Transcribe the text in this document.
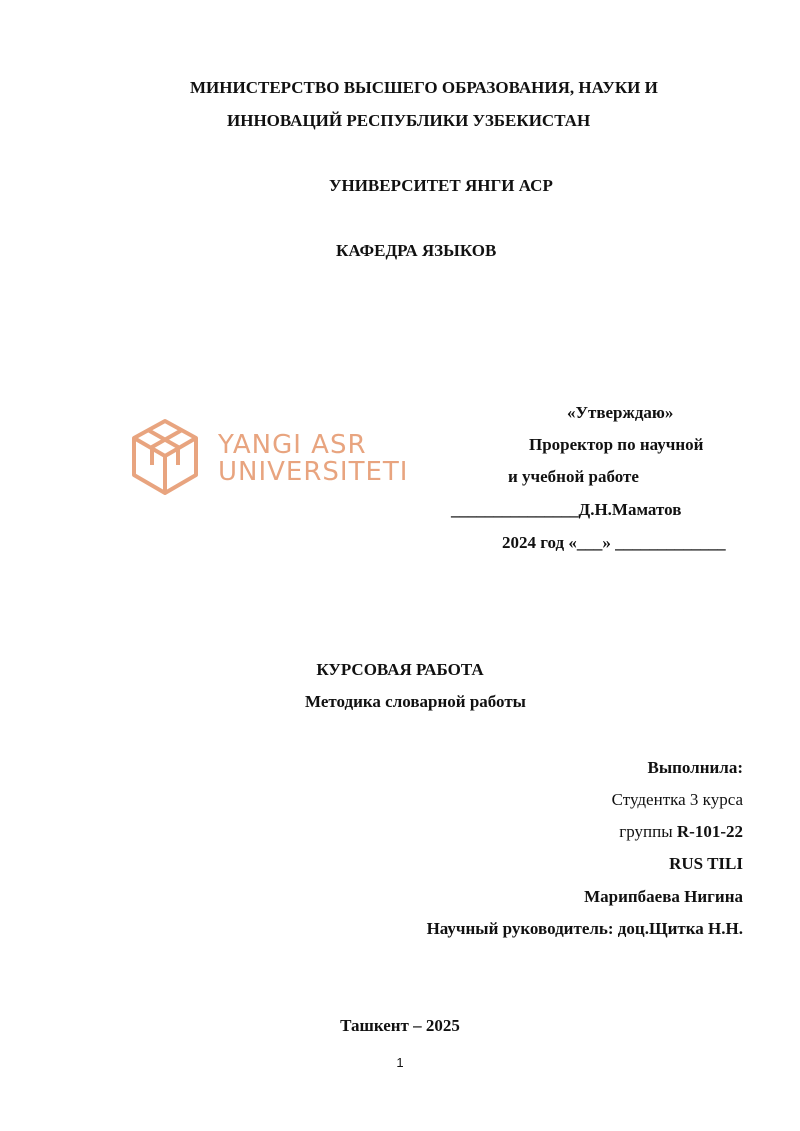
МИНИСТЕРСТВО ВЫСШЕГО ОБРАЗОВАНИЯ, НАУКИ И
ИННОВАЦИЙ РЕСПУБЛИКИ УЗБЕКИСТАН
УНИВЕРСИТЕТ ЯНГИ АСР
КАФЕДРА ЯЗЫКОВ
YANGI ASR
UNIVERSITETI
«Утверждаю»
Проректор по научной
и учебной работе
_______________Д.Н.Маматов
2024 год «___» _____________
КУРСОВАЯ РАБОТА
Методика словарной работы
Выполнила:
Студентка 3 курса
группы R-101-22
RUS TILI
Марипбаева Нигина
Научный руководитель: доц.Щитка Н.Н.
Ташкент – 2025
1
